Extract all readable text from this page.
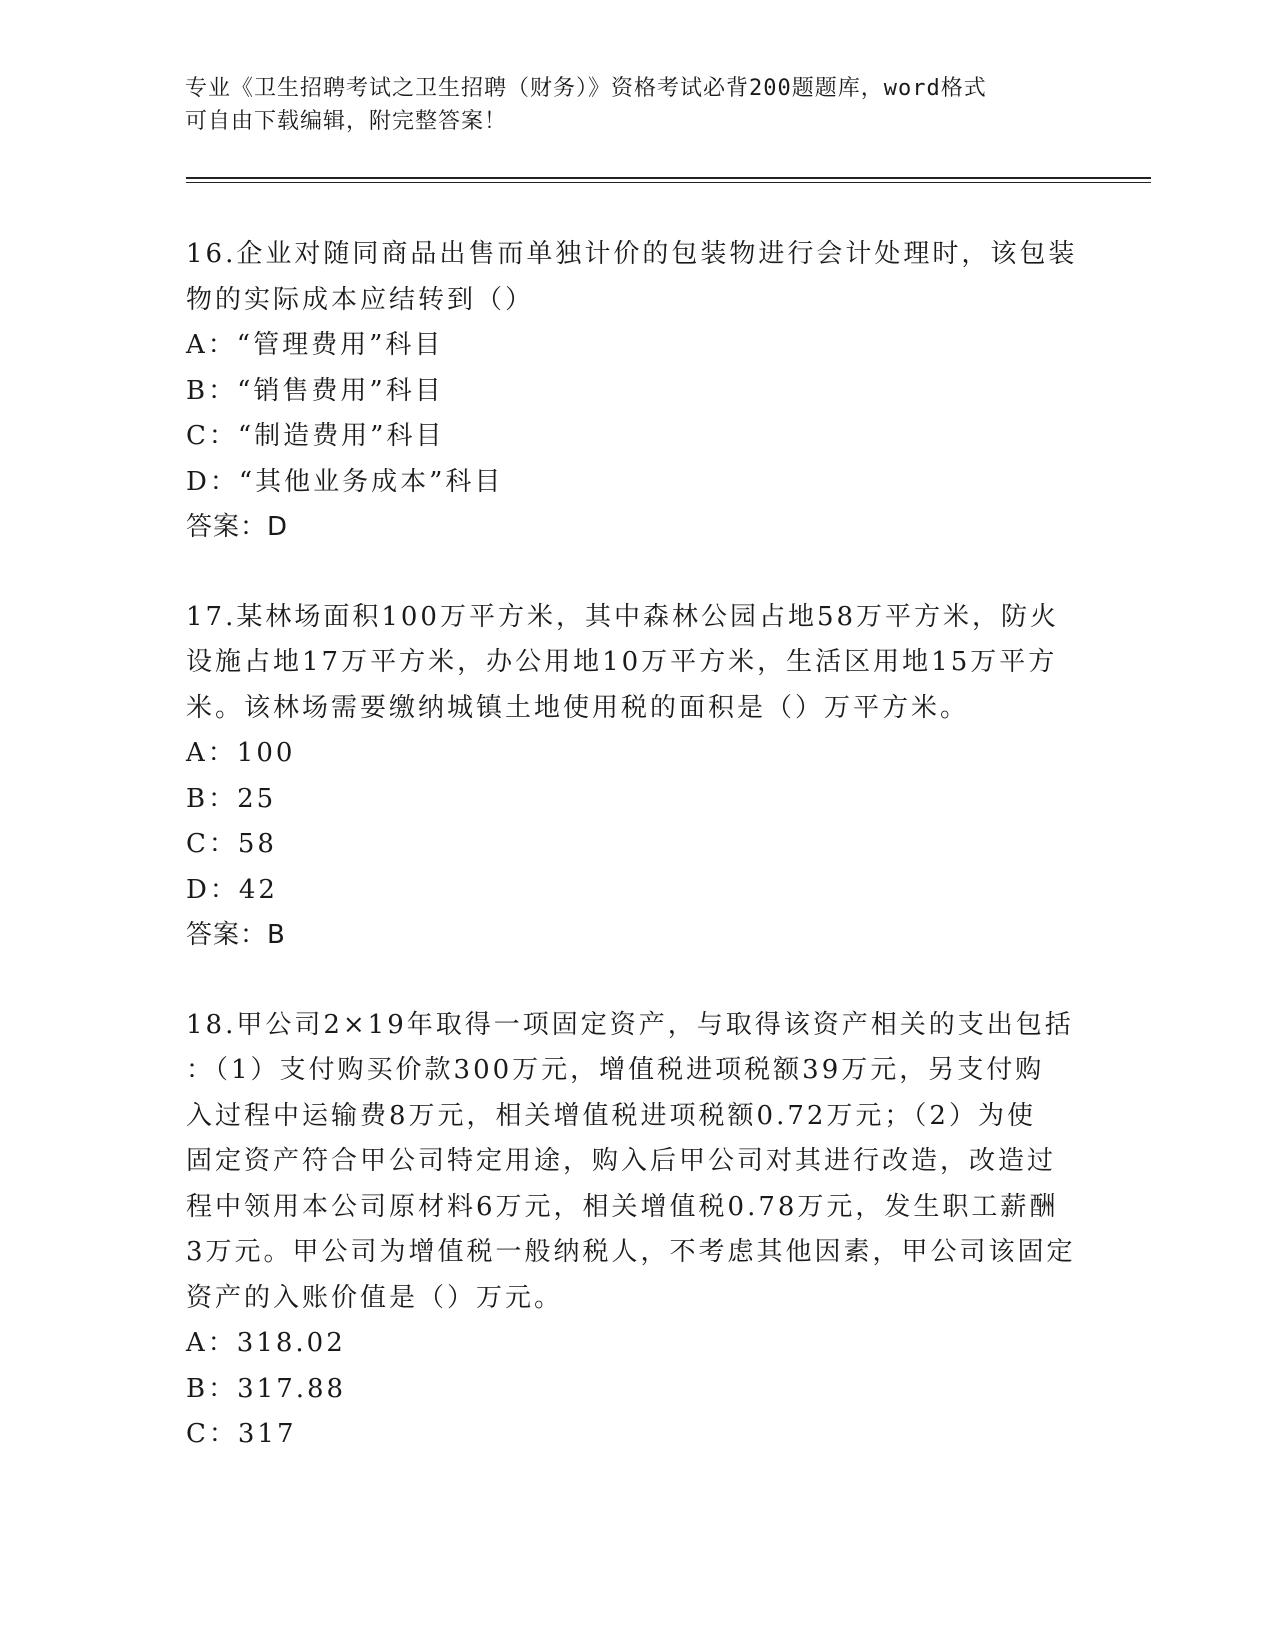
专业《卫生招聘考试之卫生招聘（财务）》资格考试必背200题题库，word格式
可自由下载编辑，附完整答案！

16.企业对随同商品出售而单独计价的包装物进行会计处理时，该包装

物的实际成本应结转到（）

A：“管理费用”科目

B：“销售费用”科目

C：“制造费用”科目

D：“其他业务成本”科目

答案：D

17.某林场面积100万平方米，其中森林公园占地58万平方米，防火

设施占地17万平方米，办公用地10万平方米，生活区用地15万平方

米。该林场需要缴纳城镇土地使用税的面积是（）万平方米。

A：100

B：25

C：58

D：42

答案：B

18.甲公司2×19年取得一项固定资产，与取得该资产相关的支出包括

：（1）支付购买价款300万元，增值税进项税额39万元，另支付购

入过程中运输费8万元，相关增值税进项税额0.72万元；（2）为使

固定资产符合甲公司特定用途，购入后甲公司对其进行改造，改造过

程中领用本公司原材料6万元，相关增值税0.78万元，发生职工薪酬

3万元。甲公司为增值税一般纳税人，不考虑其他因素，甲公司该固定

资产的入账价值是（）万元。

A：318.02

B：317.88

C：317
